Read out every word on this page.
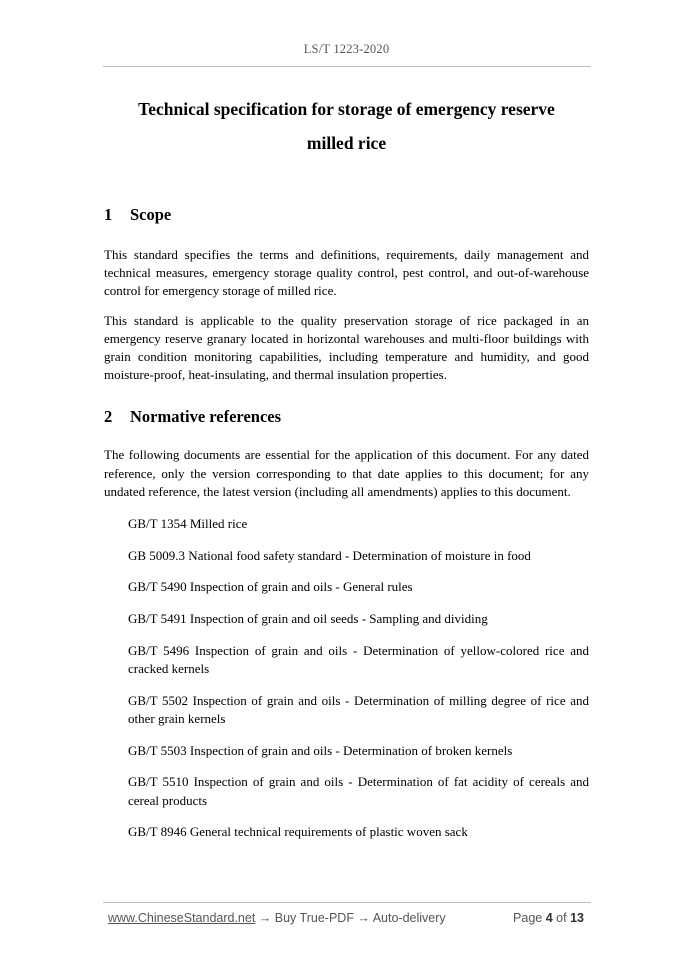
LS/T 1223-2020
Technical specification for storage of emergency reserve
milled rice
1 Scope

This standard specifies the terms and definitions, requirements, daily management and technical measures, emergency storage quality control, pest control, and out-of-warehouse control for emergency storage of milled rice.

This standard is applicable to the quality preservation storage of rice packaged in an emergency reserve granary located in horizontal warehouses and multi-floor buildings with grain condition monitoring capabilities, including temperature and humidity, and good moisture-proof, heat-insulating, and thermal insulation properties.

2 Normative references

The following documents are essential for the application of this document. For any dated reference, only the version corresponding to that date applies to this document; for any undated reference, the latest version (including all amendments) applies to this document.

GB/T 1354 Milled rice
GB 5009.3 National food safety standard - Determination of moisture in food
GB/T 5490 Inspection of grain and oils - General rules
GB/T 5491 Inspection of grain and oil seeds - Sampling and dividing
GB/T 5496 Inspection of grain and oils - Determination of yellow-colored rice and cracked kernels
GB/T 5502 Inspection of grain and oils - Determination of milling degree of rice and other grain kernels
GB/T 5503 Inspection of grain and oils - Determination of broken kernels
GB/T 5510 Inspection of grain and oils - Determination of fat acidity of cereals and cereal products
GB/T 8946 General technical requirements of plastic woven sack
www.ChineseStandard.net → Buy True-PDF → Auto-delivery	Page 4 of 13
